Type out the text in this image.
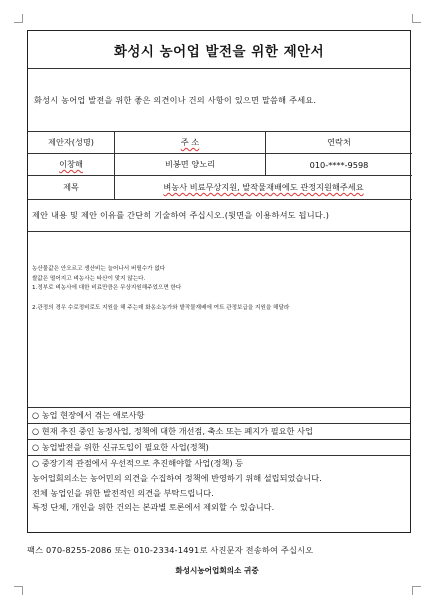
화성시 농어업 발전을 위한 제안서
화성시 농어업 발전을 위한 좋은 의견이나 건의 사항이 있으면 말씀해 주세요.
제안자(성명)	주 소	연락처
이창해	비봉면 양노리	010-****-9598
제목	벼농사 비료무상지원, 발작물재배에도 관정지원해주세요
제안 내용 및 제안 이유를 간단히 기술하여 주십시오.(뒷면을 이용하셔도 됩니다.)

농산물값은 안오르고 생산비는 늘어나서 버릴수가 없다

쌀값은 떨어지고 벼농사는 타산이 맞지 않는다.

1.정부로 벼농사에 대한 비료만큼은 무상지원해주었으면 한다

2.관정의 경우 수로정비로도 지원을 해 주는데 화옹소농가와 밭작물재배에 여트 관정보급을 지원을 해달라

○ 농업 현장에서 겪는 애로사항
○ 현재 추진 중인 농정사업, 정책에 대한 개선점, 축소 또는 폐지가 필요한 사업
○ 농업발전을 위한 신규도입이 필요한 사업(정책)
○ 중장기적 관점에서 우선적으로 추진해야할 사업(정책) 등

농어업회의소는 농어민의 의견을 수집하여 정책에 반영하기 위해 설립되었습니다.

전체 농업인을 위한 발전적인 의견을 부탁드립니다.

특정 단체, 개인을 위한 건의는 본과별 토론에서 제외할 수 있습니다.

팩스 070-8255-2086 또는 010-2334-1491로 사진문자 전송하여 주십시오
화성시농어업회의소 귀중
